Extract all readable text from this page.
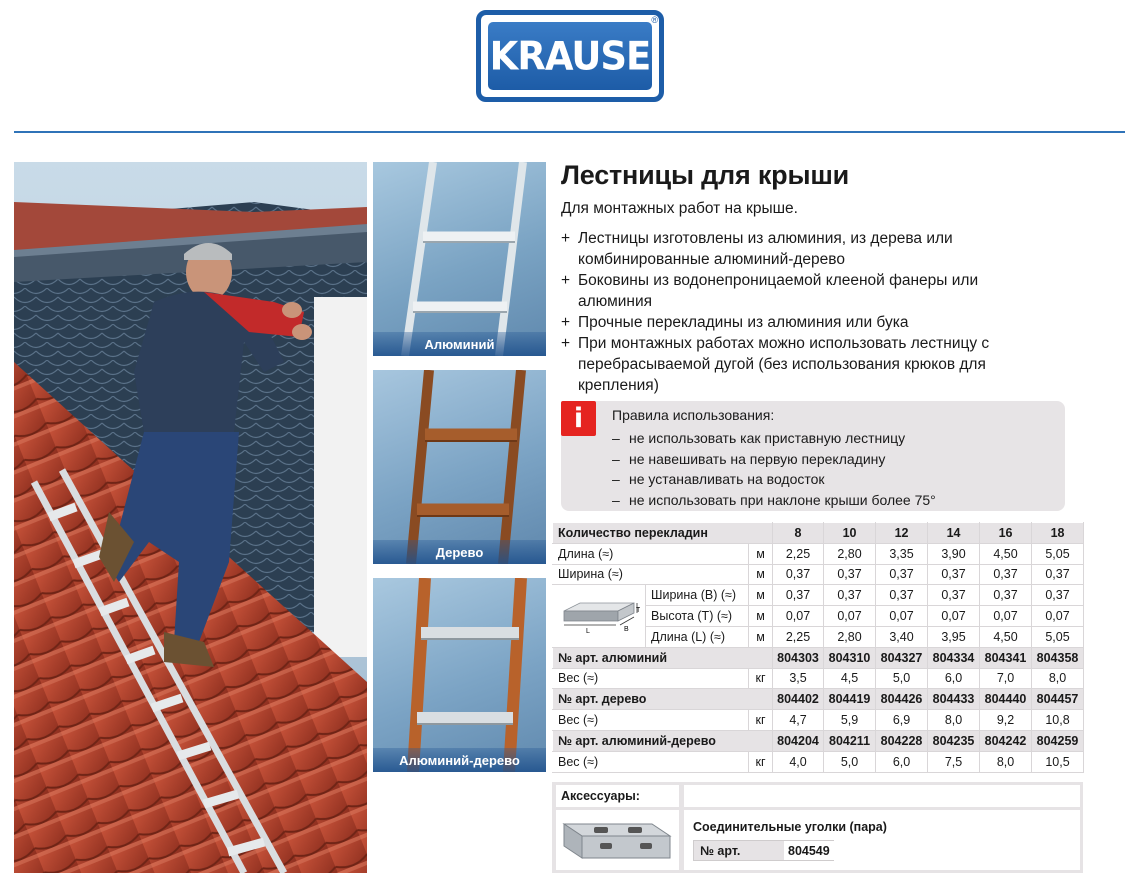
KRAUSE
®
Алюминий
Дерево
Алюминий-дерево
Лестницы для крыши
Для монтажных работ на крыше.
+ Лестницы изготовлены из алюминия, из дерева или комбинированные алюминий-дерево
+ Боковины из водонепроницаемой клееной фанеры или алюминия
+ Прочные перекладины из алюминия или бука
+ При монтажных работах можно использовать лестницу с перебрасываемой дугой (без использования крюков для крепления)
i	Правила использования:
– не использовать как приставную лестницу
– не навешивать на первую перекладину
– не устанавливать на водосток
– не использовать при наклоне крыши более 75°
Количество перекладин			8	10	12	14	16	18
Длина (≈)		м	2,25	2,80	3,35	3,90	4,50	5,05
Ширина (≈)		м	0,37	0,37	0,37	0,37	0,37	0,37

T
L B	Ширина (B) (≈)	м	0,37	0,37	0,37	0,37	0,37	0,37
	Высота (T) (≈)	м	0,07	0,07	0,07	0,07	0,07	0,07
	Длина (L) (≈)	м	2,25	2,80	3,40	3,95	4,50	5,05
№ арт. алюминий			804303	804310	804327	804334	804341	804358
Вес (≈)		кг	3,5	4,5	5,0	6,0	7,0	8,0
№ арт. дерево			804402	804419	804426	804433	804440	804457
Вес (≈)		кг	4,7	5,9	6,9	8,0	9,2	10,8
№ арт. алюминий-дерево			804204	804211	804228	804235	804242	804259
Вес (≈)		кг	4,0	5,0	6,0	7,5	8,0	10,5
Аксессуары:
Соединительные уголки (пара)
№ арт.	804549
